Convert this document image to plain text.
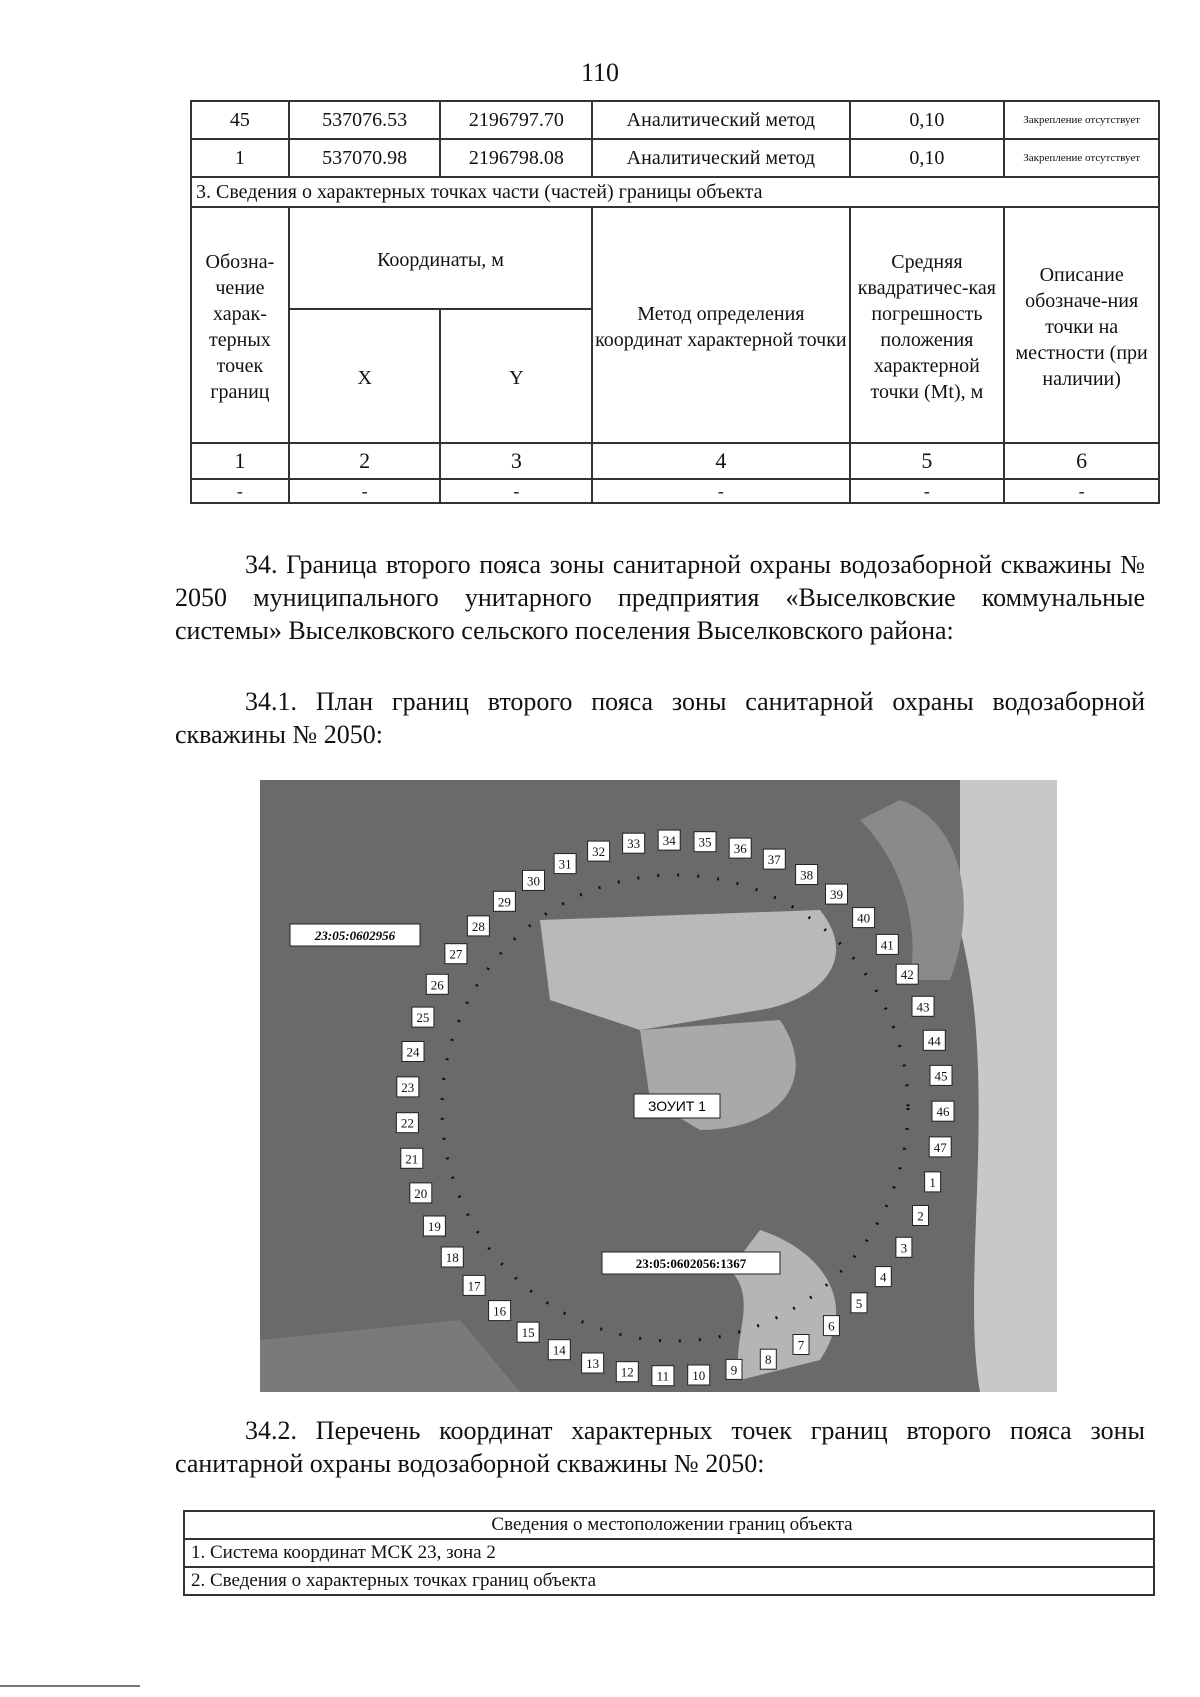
110
45	537076.53	2196797.70	Аналитический метод	0,10	Закрепление отсутствует
1	537070.98	2196798.08	Аналитический метод	0,10	Закрепление отсутствует
3. Сведения о характерных точках части (частей) границы объекта					
Обозна-чение харак-терных точек границ	Координаты, м		Метод определения координат характерной точки	Средняя квадратичес-кая погрешность положения характерной точки (Mt), м	Описание обозначе-ния точки на местности (при наличии)
	X	Y			
1	2	3	4	5	6
-	-	-	-	-	-

34. Граница второго пояса зоны санитарной охраны водозаборной скважины № 2050 муниципального унитарного предприятия «Выселковские коммунальные системы» Выселковского сельского поселения Выселковского района:

34.1. План границ второго пояса зоны санитарной охраны водозаборной скважины № 2050:

1
2
3
4
5
6
7
8
9
10
11
12
13
14
15
16
17
18
19
20
21
22
23
24
25
26
27
28
29
30
31
32
33 34 35 36
37
38
39
40
41
42
43
44
45
46
47
23:05:0602956
ЗОУИТ 1
23:05:0602056:1367

34.2. Перечень координат характерных точек границ второго пояса зоны санитарной охраны водозаборной скважины № 2050:

Сведения о местоположении границ объекта
1. Система координат МСК 23, зона 2
2. Сведения о характерных точках границ объекта
